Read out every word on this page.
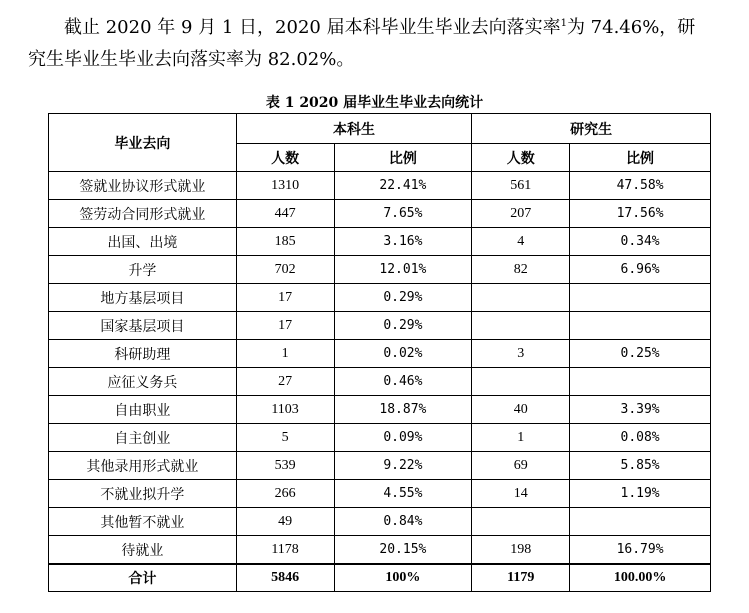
截止 2020 年 9 月 1 日，2020 届本科毕业生毕业去向落实率$^1$为 74.46%，研
究生毕业生毕业去向落实率为 82.02%。
表 1 2020 届毕业生毕业去向统计
毕业去向	本科生		研究生	
	人数	比例	人数	比例
签就业协议形式就业	1310	22.41%	561	47.58%
签劳动合同形式就业	447	7.65%	207	17.56%
出国、出境	185	3.16%	4	0.34%
升学	702	12.01%	82	6.96%
地方基层项目	17	0.29%		
国家基层项目	17	0.29%		
科研助理	1	0.02%	3	0.25%
应征义务兵	27	0.46%		
自由职业	1103	18.87%	40	3.39%
自主创业	5	0.09%	1	0.08%
其他录用形式就业	539	9.22%	69	5.85%
不就业拟升学	266	4.55%	14	1.19%
其他暂不就业	49	0.84%		
待就业	1178	20.15%	198	16.79%
合计	5846	100%	1179	100.00%
